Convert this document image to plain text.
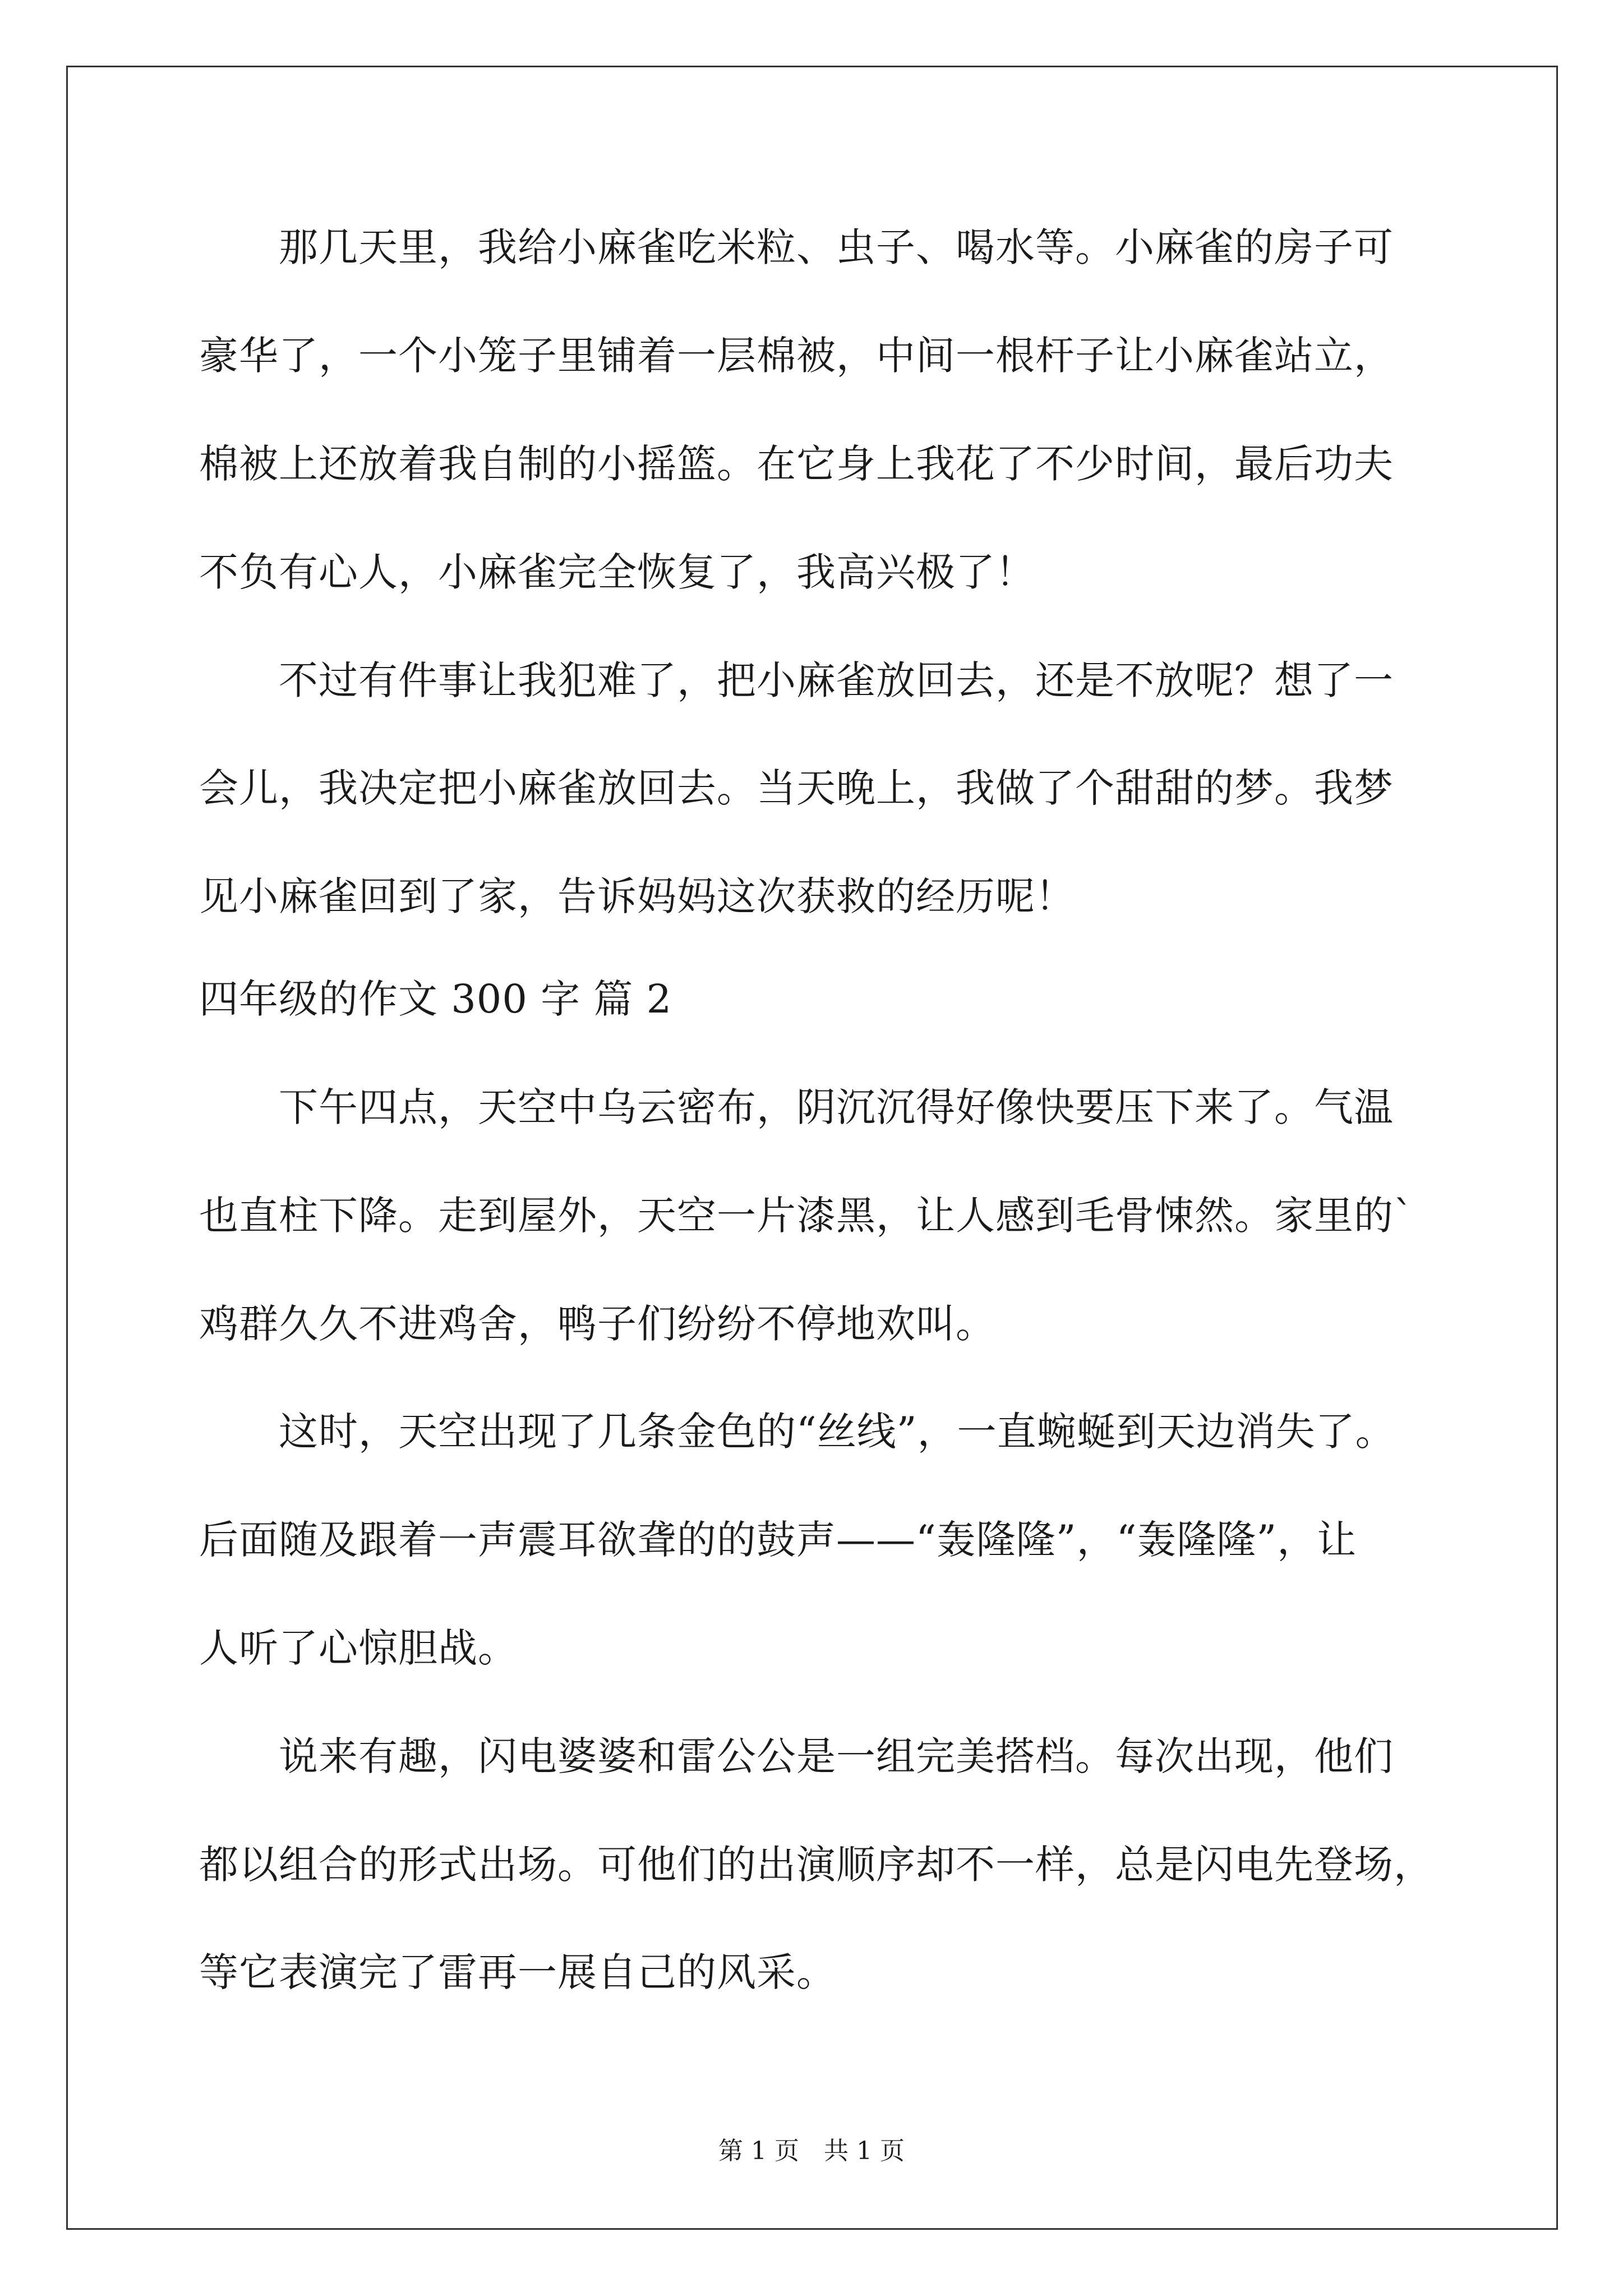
　　那几天里，我给小麻雀吃米粒、虫子、喝水等。小麻雀的房子可
豪华了，一个小笼子里铺着一层棉被，中间一根杆子让小麻雀站立，
棉被上还放着我自制的小摇篮。在它身上我花了不少时间，最后功夫
不负有心人，小麻雀完全恢复了，我高兴极了！
　　不过有件事让我犯难了，把小麻雀放回去，还是不放呢？想了一
会儿，我决定把小麻雀放回去。当天晚上，我做了个甜甜的梦。我梦
见小麻雀回到了家，告诉妈妈这次获救的经历呢！
四年级的作文 300 字 篇 2
　　下午四点，天空中乌云密布，阴沉沉得好像快要压下来了。气温
也直柱下降。走到屋外，天空一片漆黑，让人感到毛骨悚然。家里的`
鸡群久久不进鸡舍，鸭子们纷纷不停地欢叫。
　　这时，天空出现了几条金色的“丝线”，一直蜿蜒到天边消失了。
后面随及跟着一声震耳欲聋的的鼓声——“轰隆隆”，“轰隆隆”，让
人听了心惊胆战。
　　说来有趣，闪电婆婆和雷公公是一组完美搭档。每次出现，他们
都以组合的形式出场。可他们的出演顺序却不一样，总是闪电先登场，
等它表演完了雷再一展自己的风采。
第 1 页　共 1 页
